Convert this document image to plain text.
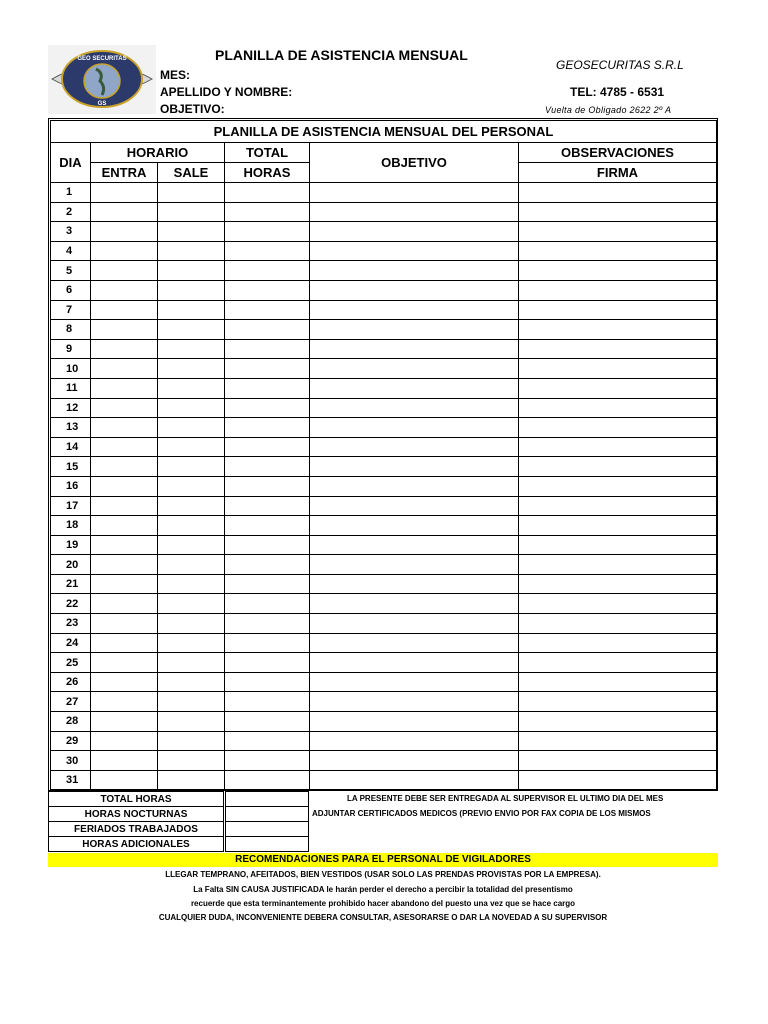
GEO SECURITAS
GS
PLANILLA DE ASISTENCIA MENSUAL
GEOSECURITAS S.R.L
MES:
APELLIDO Y NOMBRE:
OBJETIVO:
TEL: 4785 - 6531
Vuelta de Obligado 2622 2º A
PLANILLA DE ASISTENCIA MENSUAL DEL PERSONAL					
DIA	HORARIO		TOTAL	OBJETIVO	OBSERVACIONES
	ENTRA	SALE	HORAS		FIRMA
1					
2					
3					
4					
5					
6					
7					
8					
9					
10					
11					
12					
13					
14					
15					
16					
17					
18					
19					
20					
21					
22					
23					
24					
25					
26					
27					
28					
29					
30					
31					
TOTAL HORAS		
HORAS NOCTURNAS		
FERIADOS TRABAJADOS		
HORAS ADICIONALES		
LA PRESENTE DEBE SER ENTREGADA AL SUPERVISOR EL ULTIMO DIA DEL MES
ADJUNTAR CERTIFICADOS MEDICOS (PREVIO ENVIO POR FAX COPIA DE LOS MISMOS
RECOMENDACIONES PARA EL PERSONAL DE VIGILADORES
LLEGAR TEMPRANO, AFEITADOS, BIEN VESTIDOS (USAR SOLO LAS PRENDAS PROVISTAS POR LA EMPRESA).
La Falta SIN CAUSA JUSTIFICADA le harán perder el derecho a percibir la totalidad del presentismo
recuerde que esta terminantemente prohibido hacer abandono del puesto una vez que se hace cargo
CUALQUIER DUDA, INCONVENIENTE DEBERA CONSULTAR, ASESORARSE O DAR LA NOVEDAD A SU SUPERVISOR
